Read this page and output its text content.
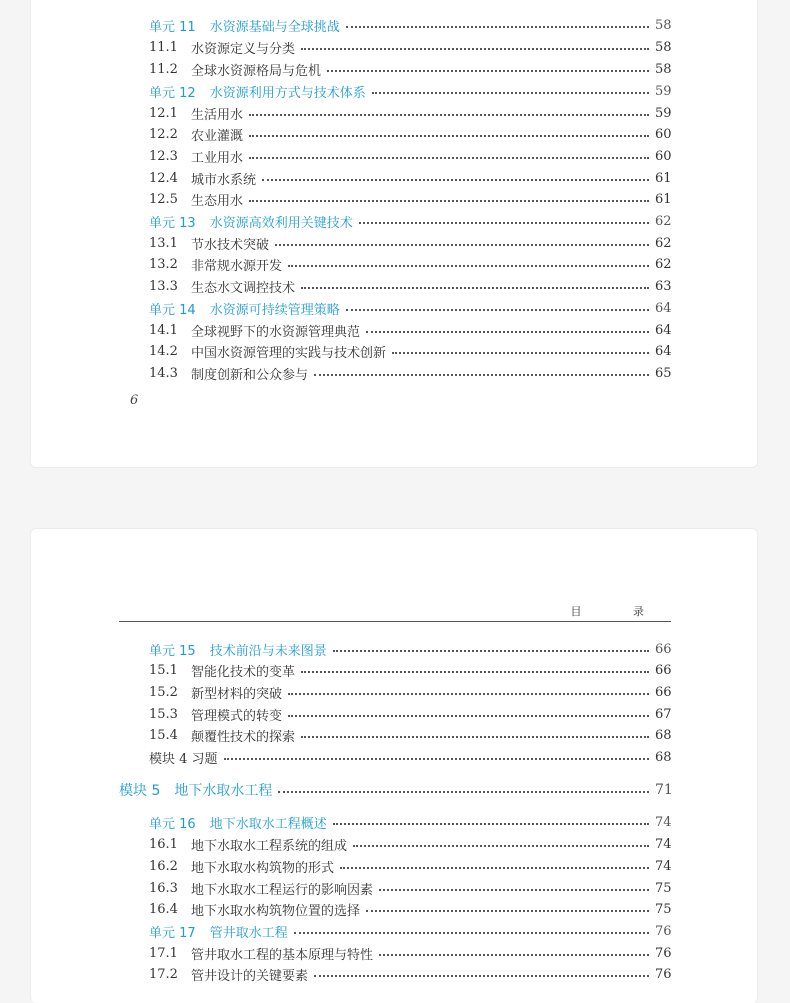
单元 11 水资源基础与全球挑战	58
11.1	水资源定义与分类	58
11.2	全球水资源格局与危机	58
单元 12 水资源利用方式与技术体系	59
12.1	生活用水	59
12.2	农业灌溉	60
12.3	工业用水	60
12.4	城市水系统	61
12.5	生态用水	61
单元 13 水资源高效利用关键技术	62
13.1	节水技术突破	62
13.2	非常规水源开发	62
13.3	生态水文调控技术	63
单元 14 水资源可持续管理策略	64
14.1	全球视野下的水资源管理典范	64
14.2	中国水资源管理的实践与技术创新	64
14.3	制度创新和公众参与	65
6
目 录
单元 15 技术前沿与未来图景	66
15.1	智能化技术的变革	66
15.2	新型材料的突破	66
15.3	管理模式的转变	67
15.4	颠覆性技术的探索	68
模块 4 习题	68
模块 5 地下水取水工程	71
单元 16 地下水取水工程概述	74
16.1	地下水取水工程系统的组成	74
16.2	地下水取水构筑物的形式	74
16.3	地下水取水工程运行的影响因素	75
16.4	地下水取水构筑物位置的选择	75
单元 17 管井取水工程	76
17.1	管井取水工程的基本原理与特性	76
17.2	管井设计的关键要素	76
